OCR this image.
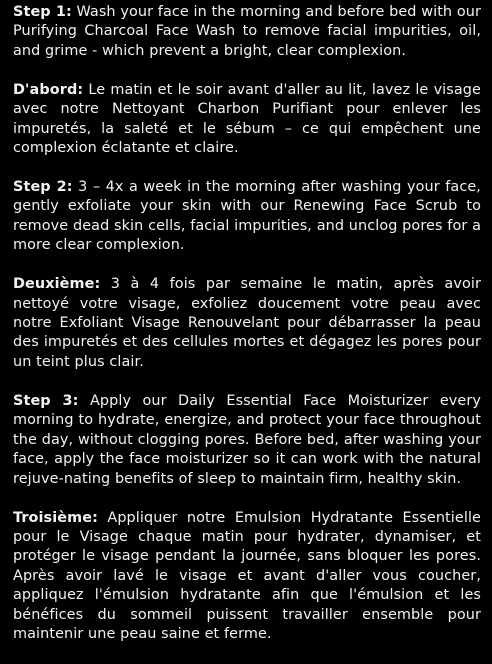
Step 1: Wash your face in the morning and before bed with our Purifying Charcoal Face Wash to remove facial impurities, oil, and grime - which prevent a bright, clear complexion.

D'abord: Le matin et le soir avant d'aller au lit, lavez le visage avec notre Nettoyant Charbon Purifiant pour enlever les impuretés, la saleté et le sébum – ce qui empêchent une complexion éclatante et claire.

Step 2: 3 – 4x a week in the morning after washing your face, gently exfoliate your skin with our Renewing Face Scrub to remove dead skin cells, facial impurities, and unclog pores for a more clear complexion.

Deuxième: 3 à 4 fois par semaine le matin, après avoir nettoyé votre visage, exfoliez doucement votre peau avec notre Exfoliant Visage Renouvelant pour débarrasser la peau des impuretés et des cellules mortes et dégagez les pores pour un teint plus clair.

Step 3: Apply our Daily Essential Face Moisturizer every morning to hydrate, energize, and protect your face throughout the day, without clogging pores. Before bed, after washing your face, apply the face moisturizer so it can work with the natural rejuve-nating benefits of sleep to maintain firm, healthy skin.

Troisième: Appliquer notre Emulsion Hydratante Essentielle pour le Visage chaque matin pour hydrater, dynamiser, et protéger le visage pendant la journée, sans bloquer les pores. Après avoir lavé le visage et avant d'aller vous coucher, appliquez l'émulsion hydratante afin que l'émulsion et les bénéfices du sommeil puissent travailler ensemble pour maintenir une peau saine et ferme.
